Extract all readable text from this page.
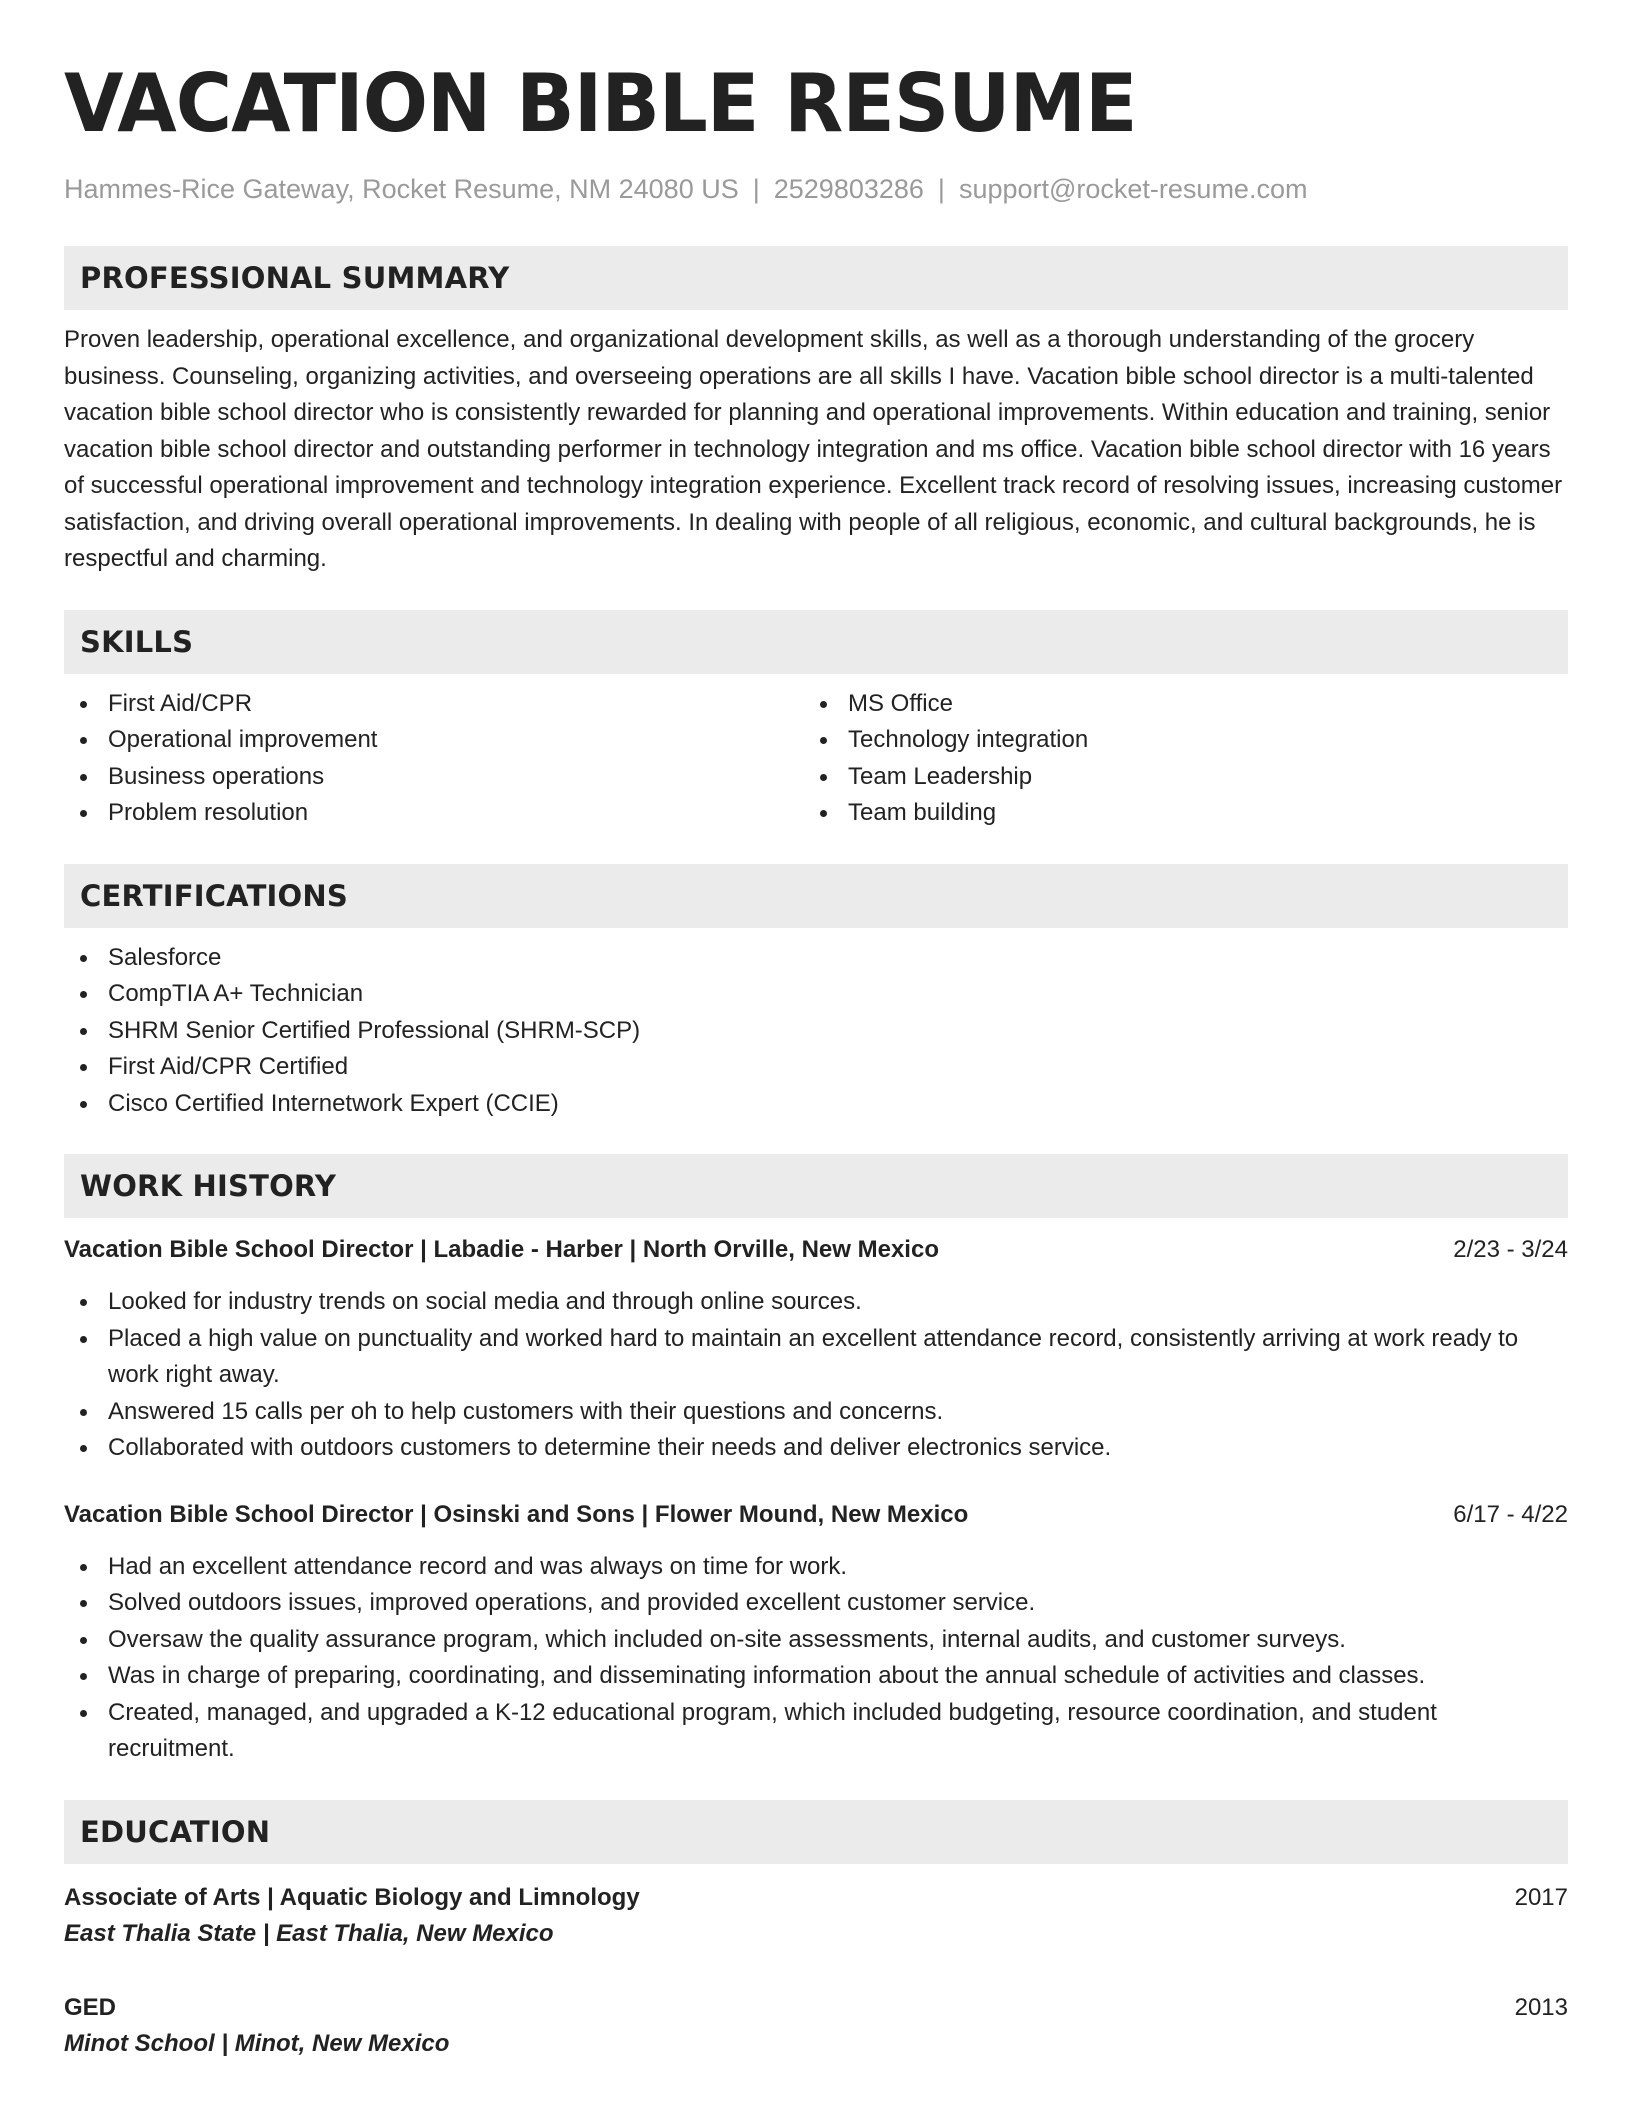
VACATION BIBLE RESUME
Hammes-Rice Gateway, Rocket Resume, NM 24080 US | 2529803286 | support@rocket-resume.com
PROFESSIONAL SUMMARY

Proven leadership, operational excellence, and organizational development skills, as well as a thorough understanding of the grocery business. Counseling, organizing activities, and overseeing operations are all skills I have. Vacation bible school director is a multi-talented vacation bible school director who is consistently rewarded for planning and operational improvements. Within education and training, senior vacation bible school director and outstanding performer in technology integration and ms office. Vacation bible school director with 16 years of successful operational improvement and technology integration experience. Excellent track record of resolving issues, increasing customer satisfaction, and driving overall operational improvements. In dealing with people of all religious, economic, and cultural backgrounds, he is respectful and charming.

SKILLS
First Aid/CPR
Operational improvement
Business operations
Problem resolution
MS Office
Technology integration
Team Leadership
Team building
CERTIFICATIONS
Salesforce
CompTIA A+ Technician
SHRM Senior Certified Professional (SHRM-SCP)
First Aid/CPR Certified
Cisco Certified Internetwork Expert (CCIE)
WORK HISTORY
Vacation Bible School Director | Labadie - Harber | North Orville, New Mexico	2/23 - 3/24
Looked for industry trends on social media and through online sources.
Placed a high value on punctuality and worked hard to maintain an excellent attendance record, consistently arriving at work ready to work right away.
Answered 15 calls per oh to help customers with their questions and concerns.
Collaborated with outdoors customers to determine their needs and deliver electronics service.
Vacation Bible School Director | Osinski and Sons | Flower Mound, New Mexico	6/17 - 4/22
Had an excellent attendance record and was always on time for work.
Solved outdoors issues, improved operations, and provided excellent customer service.
Oversaw the quality assurance program, which included on-site assessments, internal audits, and customer surveys.
Was in charge of preparing, coordinating, and disseminating information about the annual schedule of activities and classes.
Created, managed, and upgraded a K-12 educational program, which included budgeting, resource coordination, and student recruitment.
EDUCATION
Associate of Arts | Aquatic Biology and Limnology	2017
East Thalia State | East Thalia, New Mexico
GED	2013
Minot School | Minot, New Mexico
